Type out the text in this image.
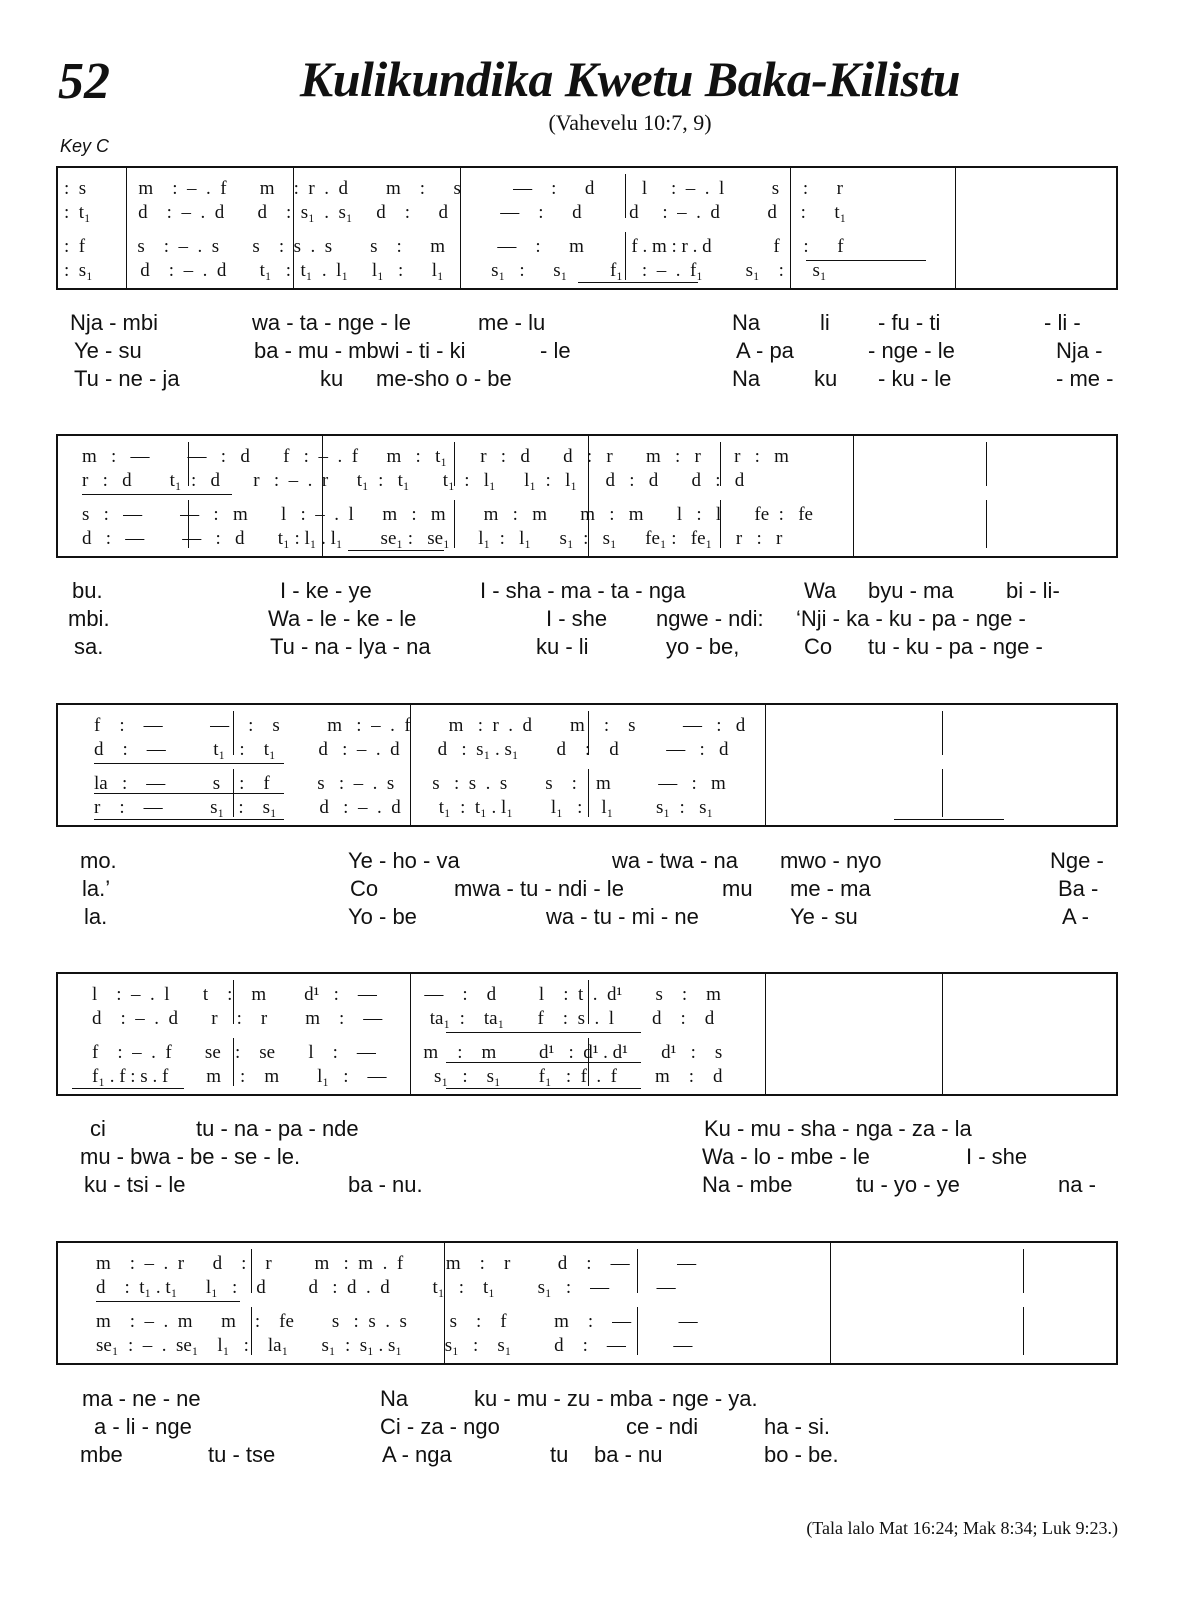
52	Kulikundika Kwetu Baka-Kilistu
(Vahevelu 10:7, 9)
Key C
:  s           m    :  –  .  f       m    :  r  .  d        m    :      s           —    :      d          l     :  –  .  l          s     :      r
:  t₁          d    :  –  .  d       d    :  s₁  .  s₁     d    :      d           —    :      d          d     :  –  .  d          d     :      t₁
:  f           s    :  –  .  s       s    :  s  .  s        s    :      m           —    :      m          f . m : r . d             f     :      f
:  s₁          d    :  –  .  d       t₁   :  t₁  .  l₁     l₁   :      l₁          s₁   :      s₁         f₁    :  –  .  f₁         s₁    :      s₁
Nja - mbi	wa - ta - nge - le	me - lu	Na	li - fu - ti	- li -
Ye - su	ba - mu - mbwi - ti - ki	- le	A - pa	- nge - le	Nja -
Tu - ne - ja	ku me-sho o - be	Na ku - ku - le	- me -
m   :   —        —   :   d       f   :  –  .  f      m   :   t₁       r   :   d       d   :   r       m   :   r       r   :   m
r   :   d        t₁  :   d       r   :  –  .  r      t₁  :   t₁       t₁  :   l₁      l₁  :   l₁      d   :   d       d   :   d
s   :   —        —   :   m       l   :  –  .  l      m   :   m        m   :   m       m   :   m       l   :   l       fe  :   fe
d   :   —        —   :   d       t₁ : l₁ . l₁        se₁ :   se₁      l₁  :   l₁      s₁  :   s₁      fe₁ :   fe₁     r   :   r
bu.	I - ke - ye	I - sha - ma - ta - nga	Wa byu - ma bi - li-
mbi.	Wa - le - ke - le	I - she ngwe - ndi: ‘Nji - ka - ku - pa - nge -
sa.	Tu - na - lya - na	ku - li	yo - be,	Co tu - ku - pa - nge -
f    :    —          —    :    s          m   :  –  .  f        m   :  r  .  d        m    :    s          —   :   d
d    :    —          t₁   :    t₁         d   :  –  .  d        d   :  s₁ . s₁        d    :    d          —   :   d
la   :    —          s    :    f          s   :  –  .  s        s   :  s  .  s        s    :    m          —   :   m
r    :    —          s₁   :    s₁         d   :  –  .  d        t₁  :  t₁ . l₁        l₁   :    l₁         s₁  :   s₁
mo.	Ye - ho - va	wa - twa - na mwo - nyo	Nge -
la.’	Co	mwa - tu - ndi - le	mu me - ma	Ba -
la.	Yo - be	wa - tu - mi - ne	Ye - su	A -
l    :  –  .  l       t    :    m        d¹   :    —          —    :    d         l    :  t  .  d¹       s    :    m
d    :  –  .  d       r    :    r        m    :    —          ta₁  :    ta₁       f    :  s  .  l        d    :    d
f    :  –  .  f       se   :    se       l    :    —          m    :    m         d¹   :  d¹ . d¹       d¹   :    s
f₁ . f : s . f        m    :    m        l₁   :    —          s₁   :    s₁        f₁   :  f  .  f        m    :    d
ci	tu - na - pa - nde	Ku - mu - sha - nga - za - la
mu - bwa - be - se - le.	Wa - lo - mbe - le	I - she
ku - tsi - le	ba - nu.	Na - mbe	tu - yo - ye	na -
m    :  –  .  r      d    :    r         m   :  m  .  f         m    :    r          d    :    —          —
d    :  t₁ . t₁      l₁   :    d         d   :  d  .  d         t₁   :    t₁         s₁   :    —          —
m    :  –  .  m      m    :    fe        s   :  s  .  s         s    :    f          m    :    —          —
se₁  :  –  .  se₁    l₁   :    la₁       s₁  :  s₁ . s₁         s₁   :    s₁         d    :    —          —
ma - ne - ne	Na	ku - mu - zu - mba - nge - ya.
a - li - nge	Ci - za - ngo	ce - ndi	ha - si.
mbe	tu - tse	A - nga	tu ba - nu	bo - be.
(Tala lalo Mat 16:24; Mak 8:34; Luk 9:23.)
